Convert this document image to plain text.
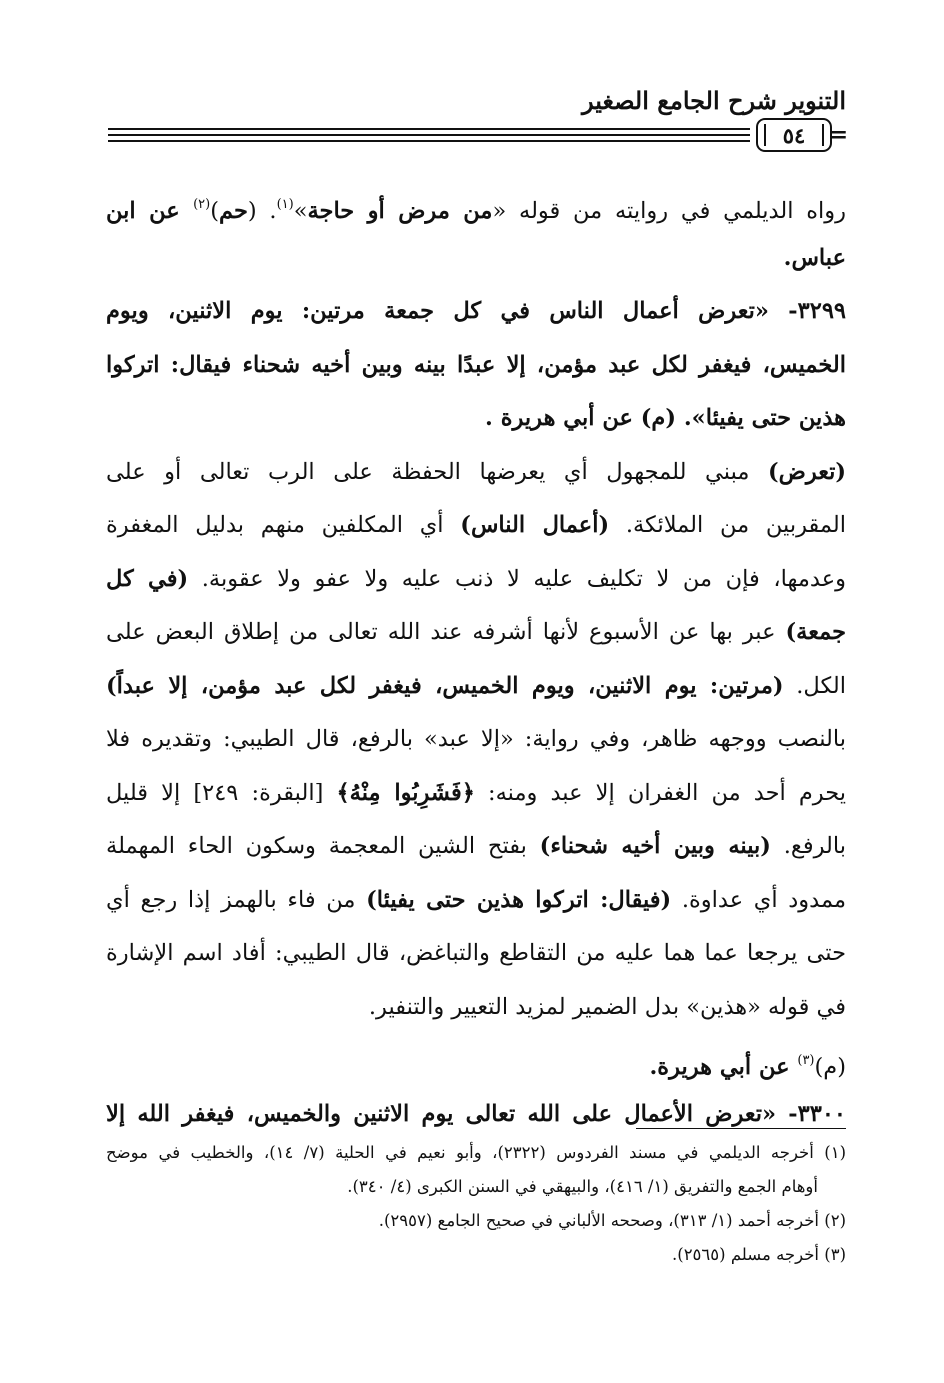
التنوير شرح الجامع الصغير
٥٤	=
رواه الديلمي في روايته من قوله «من مرض أو حاجة»$^{(١)}$. (حم)$^{(٢)}$ عن ابن
عباس.
٣٢٩٩- «تعرض أعمال الناس في كل جمعة مرتين: يوم الاثنين، ويوم
الخميس، فيغفر لكل عبد مؤمن، إلا عبدًا بينه وبين أخيه شحناء فيقال: اتركوا
هذين حتى يفيئا». (م) عن أبي هريرة .
(تعرض) مبني للمجهول أي يعرضها الحفظة على الرب تعالى أو على
المقربين من الملائكة. (أعمال الناس) أي المكلفين منهم بدليل المغفرة
وعدمها، فإن من لا تكليف عليه لا ذنب عليه ولا عفو ولا عقوبة. (في كل
جمعة) عبر بها عن الأسبوع لأنها أشرفه عند الله تعالى من إطلاق البعض على
الكل. (مرتين: يوم الاثنين، ويوم الخميس، فيغفر لكل عبد مؤمن، إلا عبداً)
بالنصب ووجهه ظاهر، وفي رواية: «إلا عبد» بالرفع، قال الطيبي: وتقديره فلا
يحرم أحد من الغفران إلا عبد ومنه: ﴿فَشَرِبُوا مِنْهُ﴾ [البقرة: ٢٤٩] إلا قليل
بالرفع. (بينه وبين أخيه شحناء) بفتح الشين المعجمة وسكون الحاء المهملة
ممدود أي عداوة. (فيقال: اتركوا هذين حتى يفيئا) من فاء بالهمز إذا رجع أي
حتى يرجعا عما هما عليه من التقاطع والتباغض، قال الطيبي: أفاد اسم الإشارة
في قوله «هذين» بدل الضمير لمزيد التعيير والتنفير.
(م)$^{(٣)}$ عن أبي هريرة.
٣٣٠٠- «تعرض الأعمال على الله تعالى يوم الاثنين والخميس، فيغفر الله إلا
(١) أخرجه الديلمي في مسند الفردوس (٢٣٢٢)، وأبو نعيم في الحلية (٧/ ١٤)، والخطيب في موضح
أوهام الجمع والتفريق (١/ ٤١٦)، والبيهقي في السنن الكبرى (٤/ ٣٤٠).
(٢) أخرجه أحمد (١/ ٣١٣)، وصححه الألباني في صحيح الجامع (٢٩٥٧).
(٣) أخرجه مسلم (٢٥٦٥).
